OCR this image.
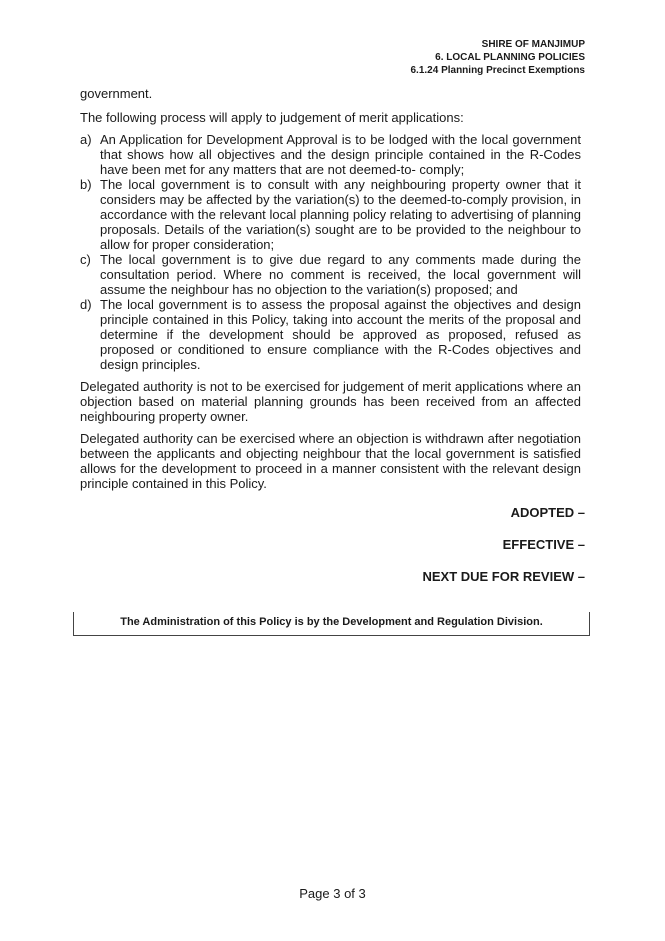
SHIRE OF MANJIMUP
6. LOCAL PLANNING POLICIES
6.1.24 Planning Precinct Exemptions

government.

The following process will apply to judgement of merit applications:

a) An Application for Development Approval is to be lodged with the local government that shows how all objectives and the design principle contained in the R-Codes have been met for any matters that are not deemed-to- comply;
b) The local government is to consult with any neighbouring property owner that it considers may be affected by the variation(s) to the deemed-to-comply provision, in accordance with the relevant local planning policy relating to advertising of planning proposals. Details of the variation(s) sought are to be provided to the neighbour to allow for proper consideration;
c) The local government is to give due regard to any comments made during the consultation period. Where no comment is received, the local government will assume the neighbour has no objection to the variation(s) proposed; and
d) The local government is to assess the proposal against the objectives and design principle contained in this Policy, taking into account the merits of the proposal and determine if the development should be approved as proposed, refused as proposed or conditioned to ensure compliance with the R-Codes objectives and design principles.

Delegated authority is not to be exercised for judgement of merit applications where an objection based on material planning grounds has been received from an affected neighbouring property owner.

Delegated authority can be exercised where an objection is withdrawn after negotiation between the applicants and objecting neighbour that the local government is satisfied allows for the development to proceed in a manner consistent with the relevant design principle contained in this Policy.

ADOPTED –
EFFECTIVE –
NEXT DUE FOR REVIEW –
The Administration of this Policy is by the Development and Regulation Division.
Page 3 of 3
